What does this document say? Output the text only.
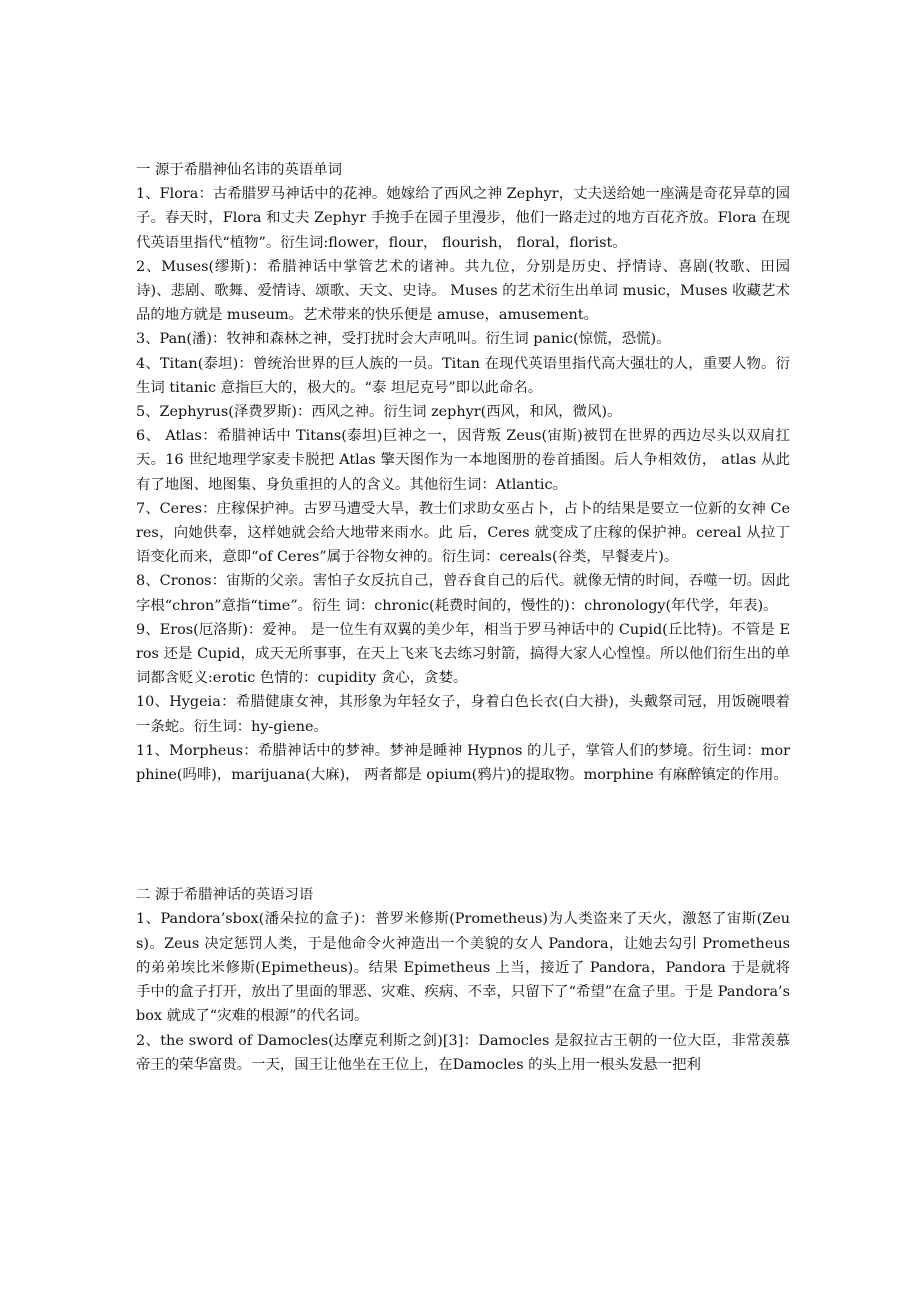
一 源于希腊神仙名讳的英语单词

1、Flora：古希腊罗马神话中的花神。她嫁给了西风之神 Zephyr，丈夫送给她一座满是奇花异草的园子。春天时，Flora 和丈夫 Zephyr 手挽手在园子里漫步，他们一路走过的地方百花齐放。Flora 在现代英语里指代“植物”。衍生词:flower，flour， flourish， floral，florist。

2、Muses(缪斯)：希腊神话中掌管艺术的诸神。共九位，分别是历史、抒情诗、喜剧(牧歌、田园诗)、悲剧、歌舞、爱情诗、颂歌、天文、史诗。 Muses 的艺术衍生出单词 music，Muses 收藏艺术品的地方就是 museum。艺术带来的快乐便是 amuse，amusement。

3、Pan(潘)：牧神和森林之神，受打扰时会大声吼叫。衍生词 panic(惊慌，恐慌)。

4、Titan(泰坦)：曾统治世界的巨人族的一员。Titan 在现代英语里指代高大强壮的人，重要人物。衍生词 titanic 意指巨大的，极大的。“泰 坦尼克号”即以此命名。

5、Zephyrus(泽费罗斯)：西风之神。衍生词 zephyr(西风，和风，微风)。

6、 Atlas：希腊神话中 Titans(泰坦)巨神之一，因背叛 Zeus(宙斯)被罚在世界的西边尽头以双肩扛天。16 世纪地理学家麦卡脱把 Atlas 擎天图作为一本地图册的卷首插图。后人争相效仿， atlas 从此有了地图、地图集、身负重担的人的含义。其他衍生词：Atlantic。

7、Ceres：庄稼保护神。古罗马遭受大旱，教士们求助女巫占卜，占卜的结果是要立一位新的女神 Ceres，向她供奉，这样她就会给大地带来雨水。此 后，Ceres 就变成了庄稼的保护神。cereal 从拉丁语变化而来，意即“of Ceres”属于谷物女神的。衍生词：cereals(谷类，早餐麦片)。

8、Cronos：宙斯的父亲。害怕子女反抗自己，曾吞食自己的后代。就像无情的时间，吞噬一切。因此字根“chron”意指“time”。衍生 词：chronic(耗费时间的，慢性的)：chronology(年代学，年表)。

9、Eros(厄洛斯)：爱神。 是一位生有双翼的美少年，相当于罗马神话中的 Cupid(丘比特)。不管是 Eros 还是 Cupid，成天无所事事，在天上飞来飞去练习射箭，搞得大家人心惶惶。所以他们衍生出的单词都含贬义:erotic 色情的：cupidity 贪心，贪婪。

10、Hygeia：希腊健康女神，其形象为年轻女子，身着白色长衣(白大褂)，头戴祭司冠，用饭碗喂着一条蛇。衍生词：hy-giene。

11、Morpheus：希腊神话中的梦神。梦神是睡神 Hypnos 的儿子，掌管人们的梦境。衍生词：morphine(吗啡)，marijuana(大麻)， 两者都是 opium(鸦片)的提取物。morphine 有麻醉镇定的作用。

二 源于希腊神话的英语习语

1、Pandora’sbox(潘朵拉的盒子)：普罗米修斯(Prometheus)为人类盗来了天火，激怒了宙斯(Zeus)。Zeus 决定惩罚人类，于是他命令火神造出一个美貌的女人 Pandora，让她去勾引 Prometheus 的弟弟埃比米修斯(Epimetheus)。结果 Epimetheus 上当，接近了 Pandora，Pandora 于是就将手中的盒子打开，放出了里面的罪恶、灾难、疾病、不幸，只留下了“希望”在盒子里。于是 Pandora’s box 就成了“灾难的根源”的代名词。

2、the sword of Damocles(达摩克利斯之剑)[3]：Damocles 是叙拉古王朝的一位大臣，非常羡慕帝王的荣华富贵。一天，国王让他坐在王位上，在Damocles 的头上用一根头发悬一把利
